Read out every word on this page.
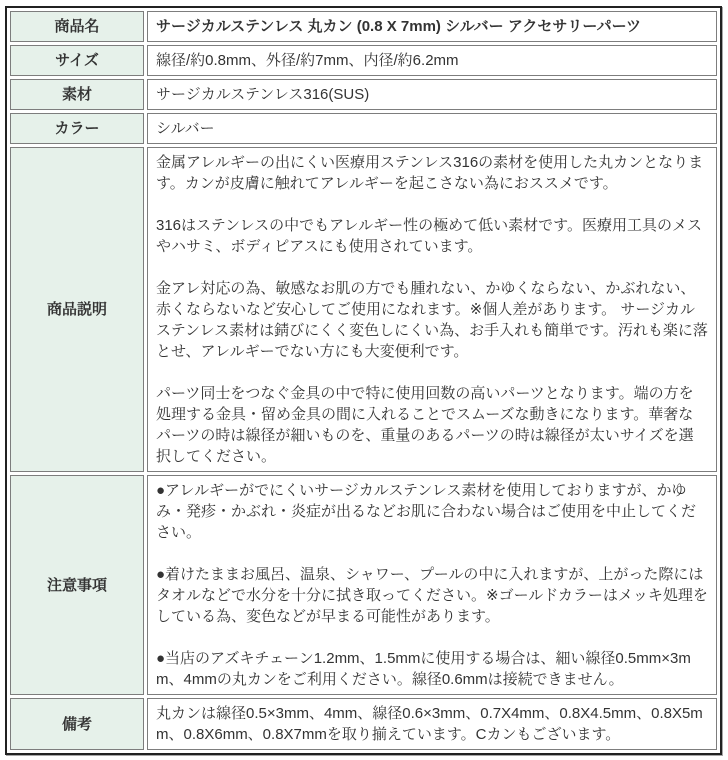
商品名	サージカルステンレス 丸カン (0.8 X 7mm) シルバー アクセサリーパーツ
サイズ	線径/約0.8mm、外径/約7mm、内径/約6.2mm
素材	サージカルステンレス316(SUS)
カラー	シルバー
商品説明	金属アレルギーの出にくい医療用ステンレス316の素材を使用した丸カンとなります。カンが皮膚に触れてアレルギーを起こさない為におススメです。

316はステンレスの中でもアレルギー性の極めて低い素材です。医療用工具のメスやハサミ、ボディピアスにも使用されています。

金アレ対応の為、敏感なお肌の方でも腫れない、かゆくならない、かぶれない、赤くならないなど安心してご使用になれます。※個人差があります。 サージカルステンレス素材は錆びにくく変色しにくい為、お手入れも簡単です。汚れも楽に落とせ、アレルギーでない方にも大変便利です。

パーツ同士をつなぐ金具の中で特に使用回数の高いパーツとなります。端の方を処理する金具・留め金具の間に入れることでスムーズな動きになります。華奢なパーツの時は線径が細いものを、重量のあるパーツの時は線径が太いサイズを選択してください。

注意事項	●アレルギーがでにくいサージカルステンレス素材を使用しておりますが、かゆみ・発疹・かぶれ・炎症が出るなどお肌に合わない場合はご使用を中止してください。

●着けたままお風呂、温泉、シャワー、プールの中に入れますが、上がった際にはタオルなどで水分を十分に拭き取ってください。※ゴールドカラーはメッキ処理をしている為、変色などが早まる可能性があります。

●当店のアズキチェーン1.2mm、1.5mmに使用する場合は、細い線径0.5mm×3mm、4mmの丸カンをご利用ください。線径0.6mmは接続できません。

備考	丸カンは線径0.5×3mm、4mm、線径0.6×3mm、0.7X4mm、0.8X4.5mm、0.8X5mm、0.8X6mm、0.8X7mmを取り揃えています。Cカンもございます。
